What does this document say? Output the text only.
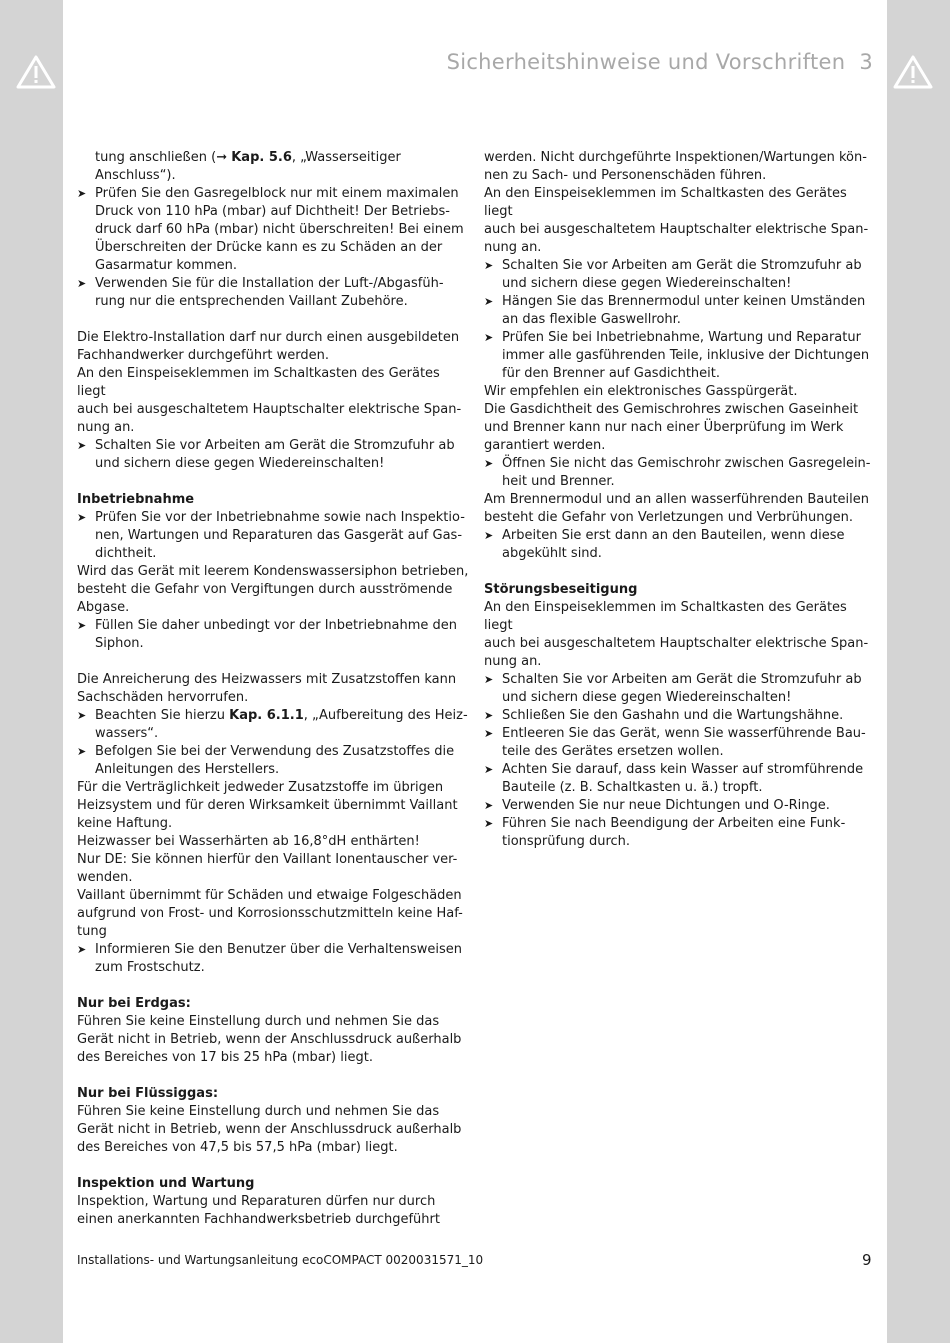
Sicherheitshinweise und Vorschriften 3

tung anschließen (➞ Kap. 5.6, „Wasserseitiger

Anschluss“).

➤ Prüfen Sie den Gasregelblock nur mit einem maximalen
Druck von 110 hPa (mbar) auf Dichtheit! Der Betriebs-
druck darf 60 hPa (mbar) nicht überschreiten! Bei einem
Überschreiten der Drücke kann es zu Schäden an der
Gasarmatur kommen.
➤ Verwenden Sie für die Installation der Luft-/Abgasfüh-
rung nur die entsprechenden Vaillant Zubehöre.
Die Elektro-Installation darf nur durch einen ausgebildeten
Fachhandwerker durchgeführt werden.
An den Einspeiseklemmen im Schaltkasten des Gerätes liegt
auch bei ausgeschaltetem Hauptschalter elektrische Span-
nung an.
➤ Schalten Sie vor Arbeiten am Gerät die Stromzufuhr ab
und sichern diese gegen Wiedereinschalten!

Inbetriebnahme

➤ Prüfen Sie vor der Inbetriebnahme sowie nach Inspektio-
nen, Wartungen und Reparaturen das Gasgerät auf Gas-
dichtheit.
Wird das Gerät mit leerem Kondenswassersiphon betrieben,
besteht die Gefahr von Vergiftungen durch ausströmende
Abgase.
➤ Füllen Sie daher unbedingt vor der Inbetriebnahme den
Siphon.
Die Anreicherung des Heizwassers mit Zusatzstoffen kann
Sachschäden hervorrufen.
➤ Beachten Sie hierzu Kap. 6.1.1, „Aufbereitung des Heiz-
wassers“.
➤ Befolgen Sie bei der Verwendung des Zusatzstoffes die
Anleitungen des Herstellers.
Für die Verträglichkeit jedweder Zusatzstoffe im übrigen
Heizsystem und für deren Wirksamkeit übernimmt Vaillant
keine Haftung.
Heizwasser bei Wasserhärten ab 16,8°dH enthärten!
Nur DE: Sie können hierfür den Vaillant Ionentauscher ver-
wenden.
Vaillant übernimmt für Schäden und etwaige Folgeschäden
aufgrund von Frost- und Korrosionsschutzmitteln keine Haf-
tung
➤ Informieren Sie den Benutzer über die Verhaltensweisen
zum Frostschutz.

Nur bei Erdgas:

Führen Sie keine Einstellung durch und nehmen Sie das
Gerät nicht in Betrieb, wenn der Anschlussdruck außerhalb
des Bereiches von 17 bis 25 hPa (mbar) liegt.

Nur bei Flüssiggas:

Führen Sie keine Einstellung durch und nehmen Sie das
Gerät nicht in Betrieb, wenn der Anschlussdruck außerhalb
des Bereiches von 47,5 bis 57,5 hPa (mbar) liegt.

Inspektion und Wartung

Inspektion, Wartung und Reparaturen dürfen nur durch
einen anerkannten Fachhandwerksbetrieb durchgeführt
werden. Nicht durchgeführte Inspektionen/Wartungen kön-
nen zu Sach- und Personenschäden führen.
An den Einspeiseklemmen im Schaltkasten des Gerätes liegt
auch bei ausgeschaltetem Hauptschalter elektrische Span-
nung an.
➤ Schalten Sie vor Arbeiten am Gerät die Stromzufuhr ab
und sichern diese gegen Wiedereinschalten!
➤ Hängen Sie das Brennermodul unter keinen Umständen
an das flexible Gaswellrohr.
➤ Prüfen Sie bei Inbetriebnahme, Wartung und Reparatur
immer alle gasführenden Teile, inklusive der Dichtungen
für den Brenner auf Gasdichtheit.
Wir empfehlen ein elektronisches Gasspürgerät.
Die Gasdichtheit des Gemischrohres zwischen Gaseinheit
und Brenner kann nur nach einer Überprüfung im Werk
garantiert werden.
➤ Öffnen Sie nicht das Gemischrohr zwischen Gasregelein-
heit und Brenner.
Am Brennermodul und an allen wasserführenden Bauteilen
besteht die Gefahr von Verletzungen und Verbrühungen.
➤ Arbeiten Sie erst dann an den Bauteilen, wenn diese
abgekühlt sind.

Störungsbeseitigung

An den Einspeiseklemmen im Schaltkasten des Gerätes liegt
auch bei ausgeschaltetem Hauptschalter elektrische Span-
nung an.
➤ Schalten Sie vor Arbeiten am Gerät die Stromzufuhr ab
und sichern diese gegen Wiedereinschalten!
➤ Schließen Sie den Gashahn und die Wartungshähne.
➤ Entleeren Sie das Gerät, wenn Sie wasserführende Bau-
teile des Gerätes ersetzen wollen.
➤ Achten Sie darauf, dass kein Wasser auf stromführende
Bauteile (z. B. Schaltkasten u. ä.) tropft.
➤ Verwenden Sie nur neue Dichtungen und O-Ringe.
➤ Führen Sie nach Beendigung der Arbeiten eine Funk-
tionsprüfung durch.
Installations- und Wartungsanleitung ecoCOMPACT 0020031571_10	9
